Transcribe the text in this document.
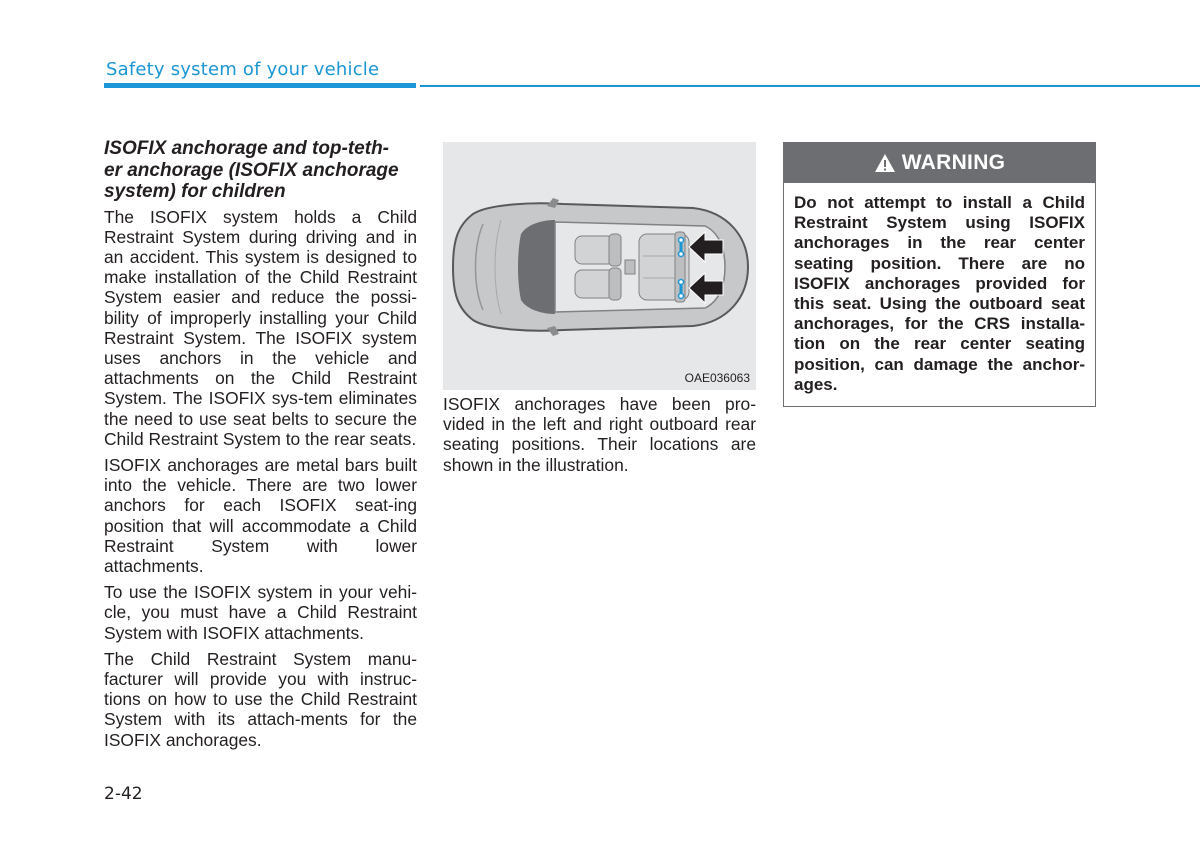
Safety system of your vehicle
ISOFIX anchorage and top-teth-
er anchorage (ISOFIX anchorage
system) for children

The ISOFIX system holds a Child Restraint System during driving and in an accident. This system is designed to make installation of the Child Restraint System easier and reduce the possi-bility of improperly installing your Child Restraint System. The ISOFIX system uses anchors in the vehicle and attachments on the Child Restraint System. The ISOFIX sys-tem eliminates the need to use seat belts to secure the Child Restraint System to the rear seats.

ISOFIX anchorages are metal bars built into the vehicle. There are two lower anchors for each ISOFIX seat-ing position that will accommodate a Child Restraint System with lower attachments.

To use the ISOFIX system in your vehi-cle, you must have a Child Restraint System with ISOFIX attachments.

The Child Restraint System manu-facturer will provide you with instruc-tions on how to use the Child Restraint System with its attach-ments for the ISOFIX anchorages.

OAE036063

ISOFIX anchorages have been pro-vided in the left and right outboard rear seating positions. Their locations are shown in the illustration.

WARNING
Do not attempt to install a Child Restraint System using ISOFIX anchorages in the rear center seating position. There are no ISOFIX anchorages provided for this seat. Using the outboard seat anchorages, for the CRS installa-tion on the rear center seating position, can damage the anchor-ages.
2-42
